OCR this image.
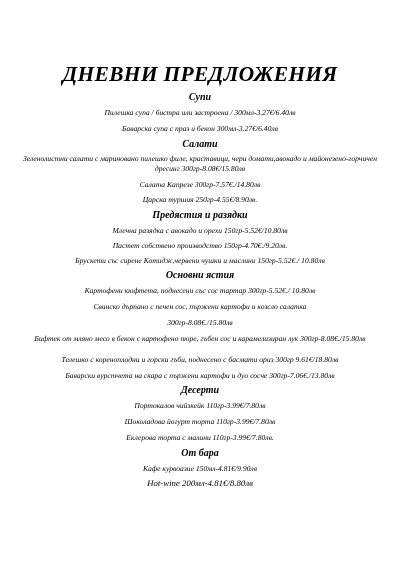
ДНЕВНИ ПРЕДЛОЖЕНИЯ
Супи
Пилешка супа / бистра или застроена / 300мл-3.27€/6.40лв
Баварска супа с праз и бекон 300мл-3.27€/6.40лв
Салати
Зеленолистни салати с маринованo пилешко филе, краставици, чери домати,авокадо и майонезено-горчичен дресинг 300гр-8.08€/15.80лв
Салата Капрезе 300гр-7.57€./14.80лв
Царска туршия 250гр-4.55€/8.90лв.
Предястия и разядки
Млечна разядка с авокадо и орехи 150гр-5.52€/10.80лв
Пастет собствено производство 150гр-4.70€./9.20лв.
Брускети със сирене Котидж,червени чушки и маслини 150гр-5.52€./ 10.80лв
Основни ястия
Картофени кюфтета, поднесени със сос тартар 300гр-5.52€./ 10.80лв
Свинско дърпано с печен сос, пържени картофи и козсло салатка
300гр-8.08€./15.80лв
Бифтек от мляно месо в бекон с картофено пюре, гъбен сос и карамелизиран лук 300гр-8.08€./15.80лв
Телешко с кореноплодни и горски гъби, поднесено с басмати ориз 300гр 9.61€/18.80лв
Баварски вурстчета на скара с пържени картофи и дуо сосче 300гр-7.06€./13.80лв
Десерти
Портокалов чийзкейк 110гр-3.99€/7.80лв
Шоколадова йогурт торта 110гр-3.99€/7.80лв
Еклерова торта с малини 110гр-3.99€/7.80лв.
От бара
Кафе курвоазие 150мл-4.81€/9.90лв
Hot-wine 200мл-4.81€/8.80лв
